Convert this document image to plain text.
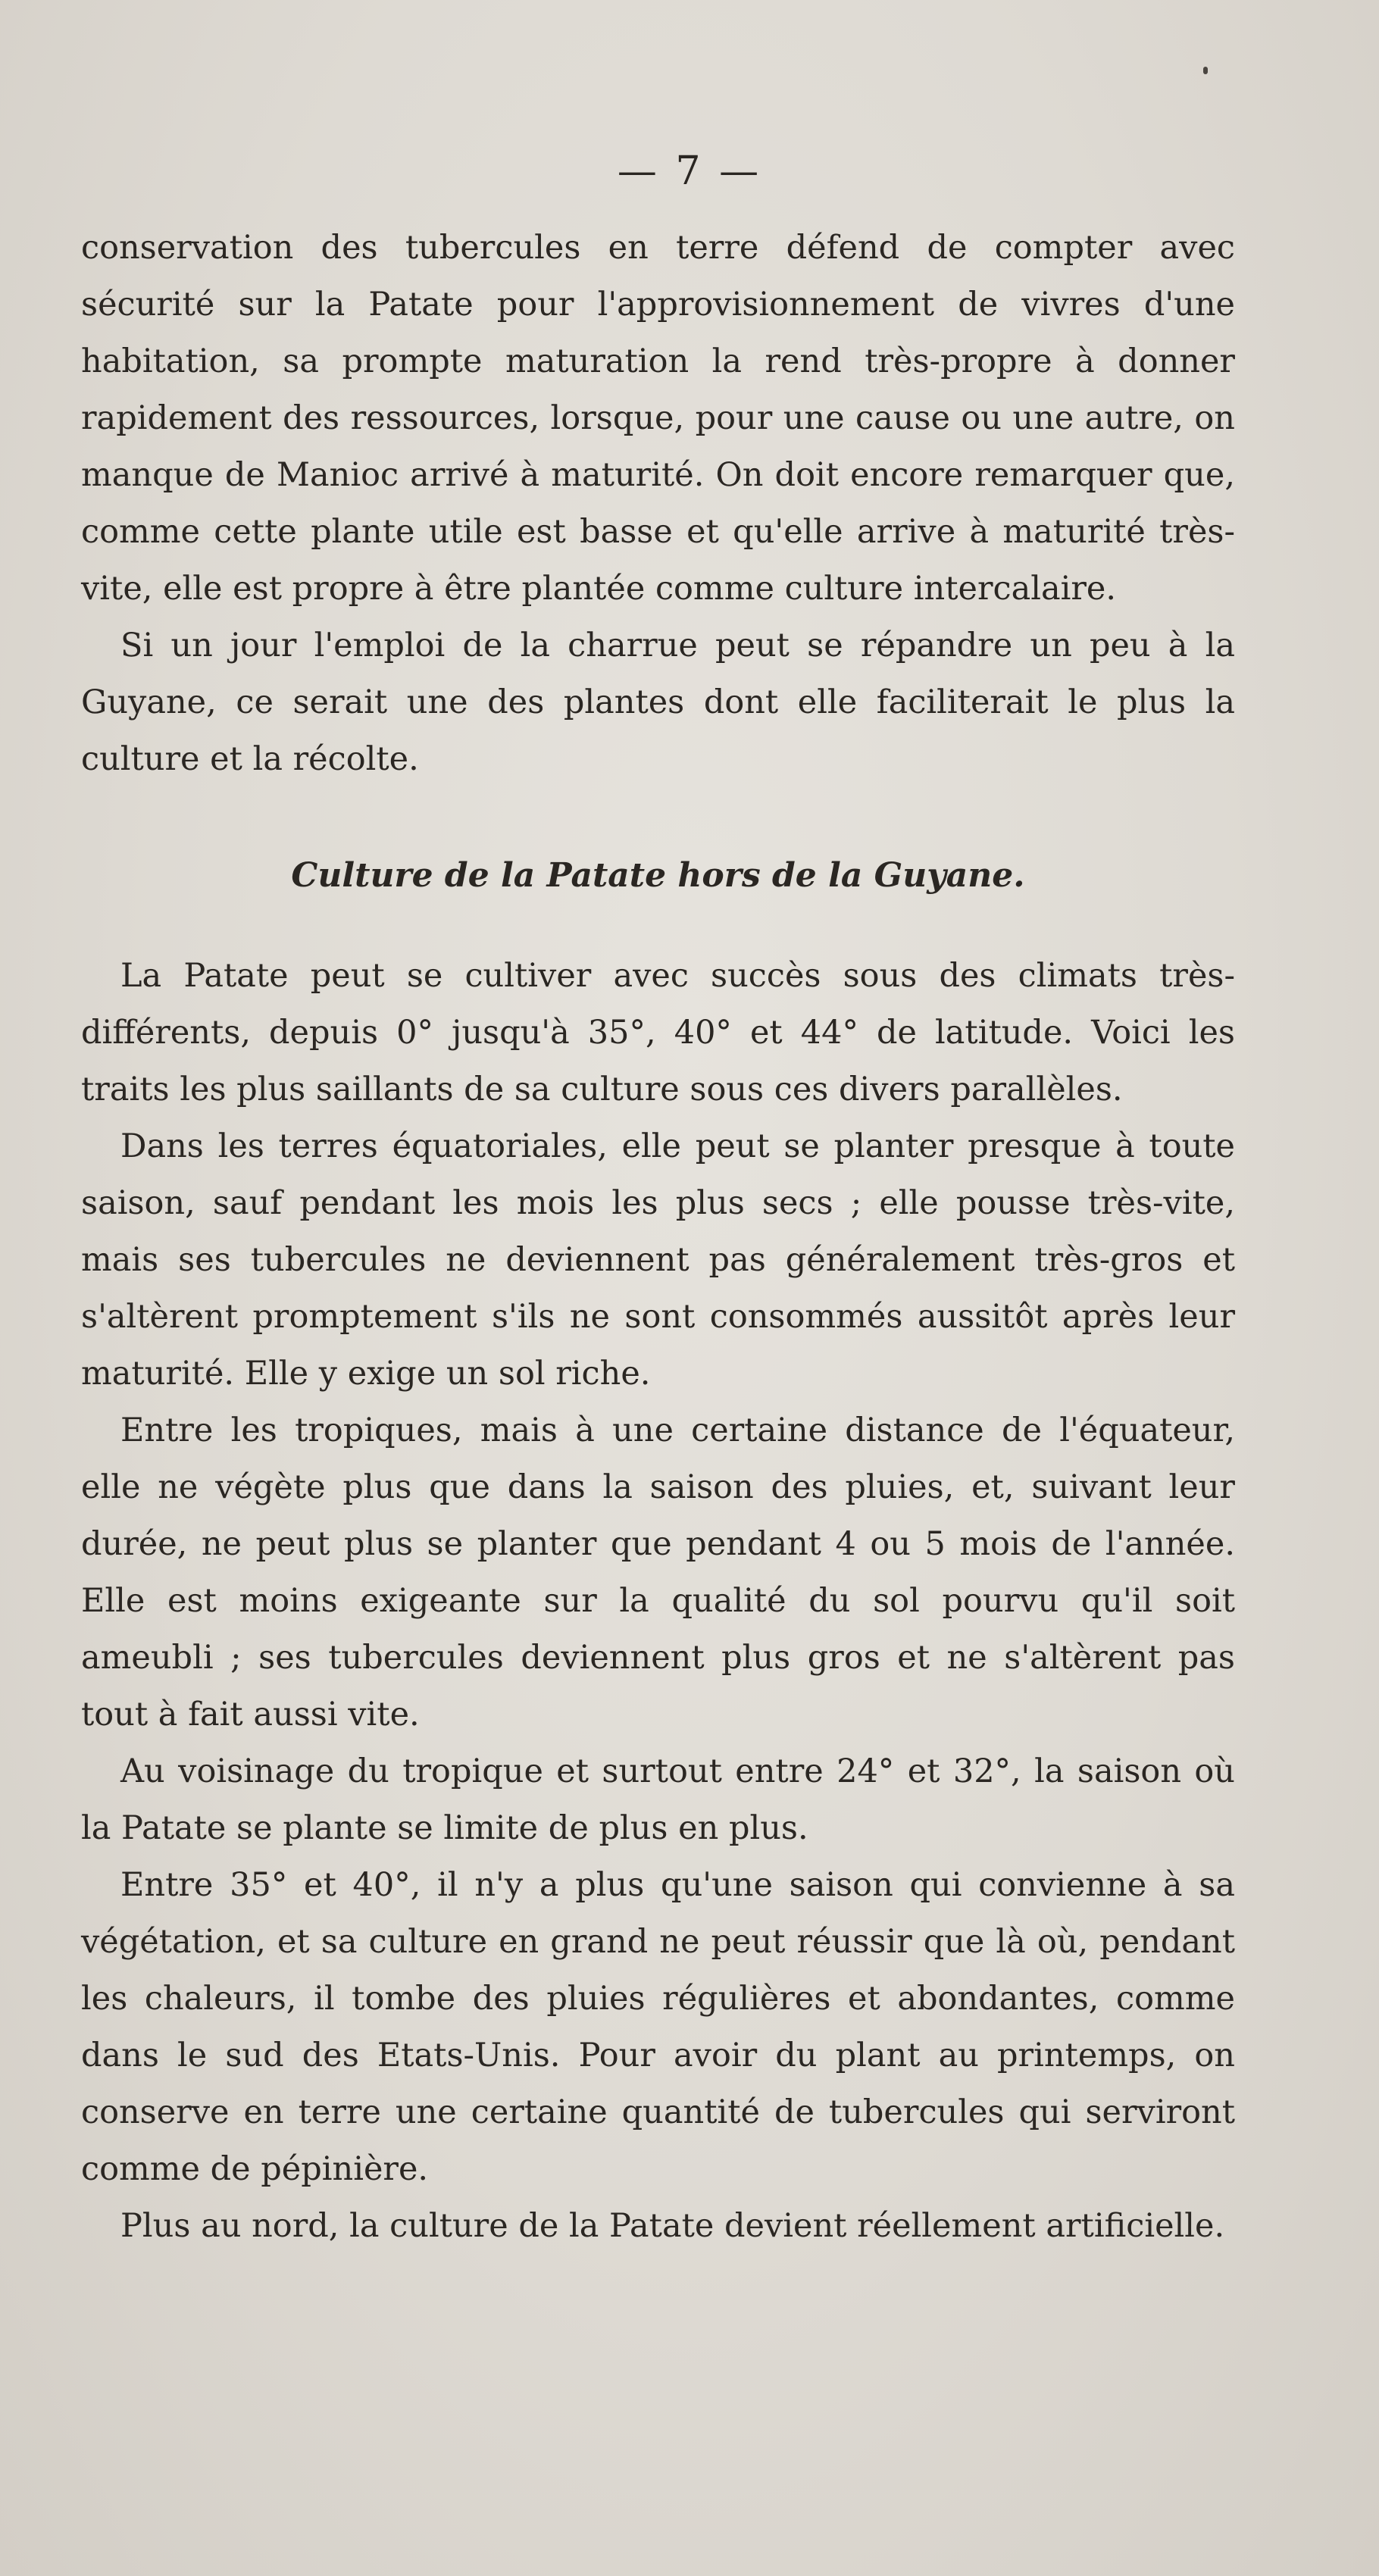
— 7 —

conservation des tubercules en terre défend de compter avec sécurité sur la Patate pour l'approvisionnement de vivres d'une habitation, sa prompte maturation la rend très-propre à donner rapidement des ressources, lorsque, pour une cause ou une autre, on manque de Manioc arrivé à maturité. On doit encore remarquer que, comme cette plante utile est basse et qu'elle arrive à maturité très-vite, elle est propre à être plantée comme culture intercalaire.

Si un jour l'emploi de la charrue peut se répandre un peu à la Guyane, ce serait une des plantes dont elle faciliterait le plus la culture et la récolte.

Culture de la Patate hors de la Guyane.

La Patate peut se cultiver avec succès sous des climats très-différents, depuis 0° jusqu'à 35°, 40° et 44° de latitude. Voici les traits les plus saillants de sa culture sous ces divers parallèles.

Dans les terres équatoriales, elle peut se planter presque à toute saison, sauf pendant les mois les plus secs ; elle pousse très-vite, mais ses tubercules ne deviennent pas généralement très-gros et s'altèrent promptement s'ils ne sont consommés aussitôt après leur maturité. Elle y exige un sol riche.

Entre les tropiques, mais à une certaine distance de l'équateur, elle ne végète plus que dans la saison des pluies, et, suivant leur durée, ne peut plus se planter que pendant 4 ou 5 mois de l'année. Elle est moins exigeante sur la qualité du sol pourvu qu'il soit ameubli ; ses tubercules deviennent plus gros et ne s'altèrent pas tout à fait aussi vite.

Au voisinage du tropique et surtout entre 24° et 32°, la saison où la Patate se plante se limite de plus en plus.

Entre 35° et 40°, il n'y a plus qu'une saison qui convienne à sa végétation, et sa culture en grand ne peut réussir que là où, pendant les chaleurs, il tombe des pluies régulières et abondantes, comme dans le sud des Etats-Unis. Pour avoir du plant au printemps, on conserve en terre une certaine quantité de tubercules qui serviront comme de pépinière.

Plus au nord, la culture de la Patate devient réellement artificielle.
